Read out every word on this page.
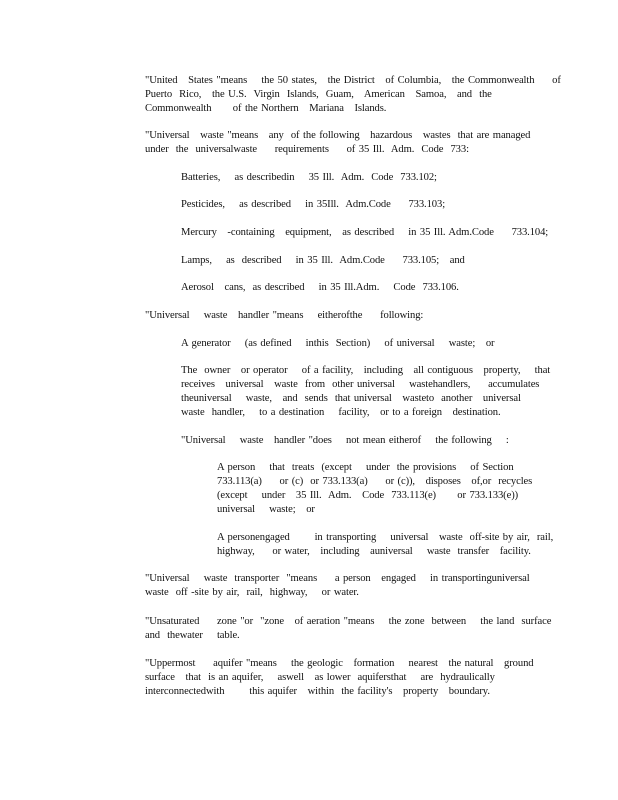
"United   States "means    the 50 states,   the District   of Columbia,   the Commonwealth     of
Puerto  Rico,   the U.S.  Virgin  Islands,  Guam,   American   Samoa,   and  the
Commonwealth      of the Northern   Mariana   Islands.

"Universal   waste "means   any  of the following   hazardous   wastes  that are managed
under  the  universalwaste     requirements     of 35 Ill.  Adm.  Code  733:

Batteries,    as describedin    35 Ill.  Adm.  Code  733.102;

Pesticides,    as described    in 35Ill.  Adm.Code     733.103;

Mercury   -containing   equipment,   as described    in 35 Ill. Adm.Code     733.104;

Lamps,    as  described    in 35 Ill.  Adm.Code     733.105;   and

Aerosol   cans,  as described    in 35 Ill.Adm.    Code  733.106.

"Universal    waste   handler "means    eitherofthe     following:

A generator    (as defined    inthis  Section)    of universal    waste;   or

The  owner   or operator    of a facility,   including   all contiguous   property,    that
receives   universal   waste  from  other universal    wastehandlers,     accumulates
theuniversal    waste,   and  sends  that universal   wasteto  another   universal
waste  handler,    to a destination    facility,   or to a foreign   destination.

"Universal    waste   handler "does    not mean eitherof    the following    :

A person    that  treats  (except    under  the provisions    of Section
733.113(a)     or (c)  or 733.133(a)     or (c)),   disposes   of,or  recycles
(except    under   35 Ill.  Adm.   Code  733.113(e)      or 733.133(e))
universal    waste;   or

A personengaged       in transporting    universal   waste  off-site by air,  rail,
highway,     or water,   including   auniversal    waste  transfer   facility.

"Universal    waste  transporter  "means     a person   engaged    in transportinguniversal
waste  off -site by air,  rail,  highway,    or water.

"Unsaturated     zone "or  "zone   of aeration "means    the zone  between    the land  surface
and  thewater    table.

"Uppermost     aquifer "means    the geologic   formation    nearest   the natural   ground
surface   that  is an aquifer,    aswell   as lower  aquifersthat    are  hydraulically
interconnectedwith       this aquifer   within  the facility's   property   boundary.
